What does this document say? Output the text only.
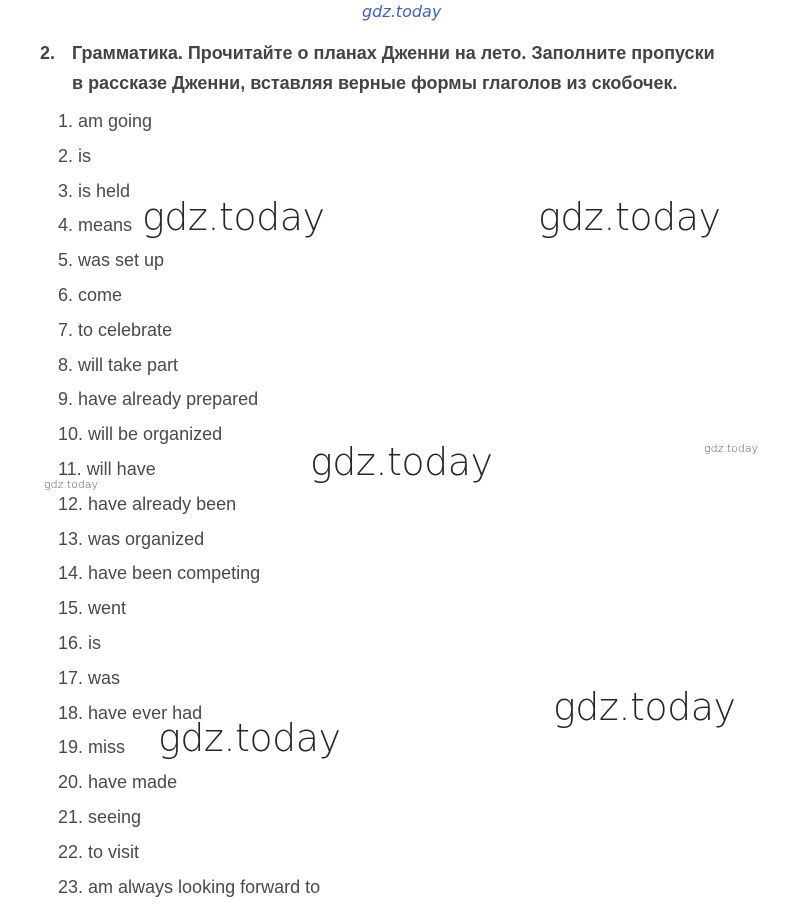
gdz.today
2. Грамматика. Прочитайте о планах Дженни на лето. Заполните пропуски
в рассказе Дженни, вставляя верные формы глаголов из скобочек.
1. am going
2. is
3. is held
4. means
5. was set up
6. come
7. to celebrate
8. will take part
9. have already prepared
10. will be organized
11. will have
12. have already been
13. was organized
14. have been competing
15. went
16. is
17. was
18. have ever had
19. miss
20. have made
21. seeing
22. to visit
23. am always looking forward to
gdz.today	gdz.today
gdz.today	gdz.today
gdz.today
gdz.today
gdz.today
